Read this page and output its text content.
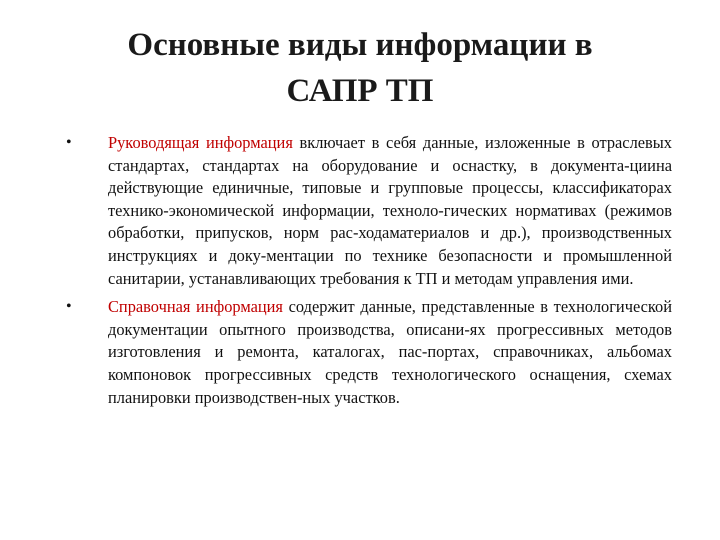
Основные виды информации в
САПР ТП
• Руководящая информация включает в себя данные, изложенные в отраслевых стандартах, стандартах на оборудование и оснастку, в документа-циина действующие единичные, типовые и групповые процессы, классификаторах технико-экономической информации, техноло-гических нормативах (режимов обработки, припусков, норм рас-ходаматериалов и др.), производственных инструкциях и доку-ментации по технике безопасности и промышленной санитарии, устанавливающих требования к ТП и методам управления ими.
• Справочная информация содержит данные, представленные в технологической документации опытного производства, описани-ях прогрессивных методов изготовления и ремонта, каталогах, пас-портах, справочниках, альбомах компоновок прогрессивных средств технологического оснащения, схемах планировки производствен-ных участков.
